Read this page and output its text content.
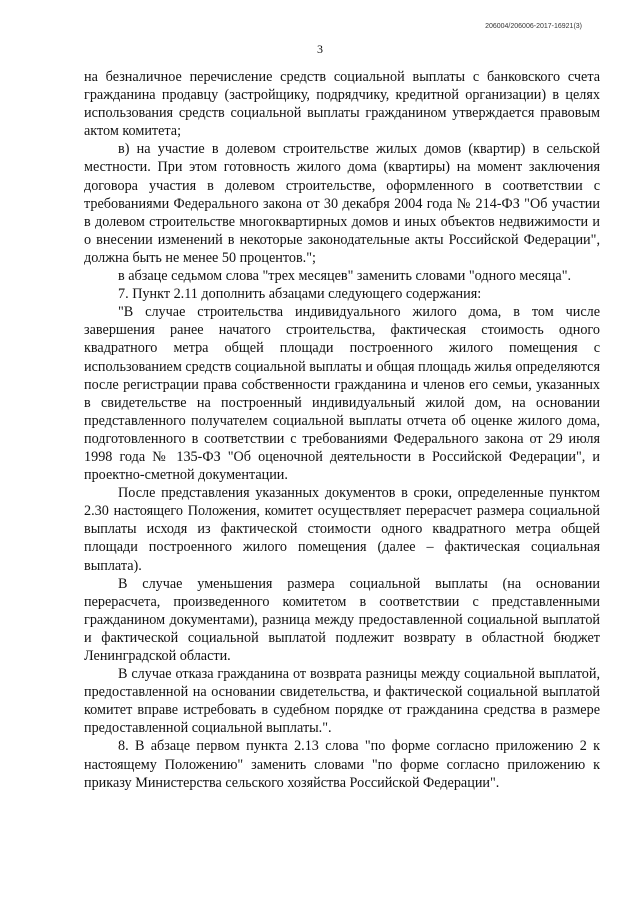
206004/206006-2017-16921(3)
3

на безналичное перечисление средств социальной выплаты с банковского счета гражданина продавцу (застройщику, подрядчику, кредитной организации) в целях использования средств социальной выплаты гражданином утверждается правовым актом комитета;

в) на участие в долевом строительстве жилых домов (квартир) в сельской местности. При этом готовность жилого дома (квартиры) на момент заключения договора участия в долевом строительстве, оформленного в соответствии с требованиями Федерального закона от 30 декабря 2004 года № 214-ФЗ "Об участии в долевом строительстве многоквартирных домов и иных объектов недвижимости и о внесении изменений в некоторые законодательные акты Российской Федерации", должна быть не менее 50 процентов.";

в абзаце седьмом слова "трех месяцев" заменить словами "одного месяца".

7. Пункт 2.11 дополнить абзацами следующего содержания:

"В случае строительства индивидуального жилого дома, в том числе завершения ранее начатого строительства, фактическая стоимость одного квадратного метра общей площади построенного жилого помещения с использованием средств социальной выплаты и общая площадь жилья определяются после регистрации права собственности гражданина и членов его семьи, указанных в свидетельстве на построенный индивидуальный жилой дом, на основании представленного получателем социальной выплаты отчета об оценке жилого дома, подготовленного в соответствии с требованиями Федерального закона от 29 июля 1998 года № 135-ФЗ "Об оценочной деятельности в Российской Федерации", и проектно-сметной документации.

После представления указанных документов в сроки, определенные пунктом 2.30 настоящего Положения, комитет осуществляет перерасчет размера социальной выплаты исходя из фактической стоимости одного квадратного метра общей площади построенного жилого помещения (далее – фактическая социальная выплата).

В случае уменьшения размера социальной выплаты (на основании перерасчета, произведенного комитетом в соответствии с представленными гражданином документами), разница между предоставленной социальной выплатой и фактической социальной выплатой подлежит возврату в областной бюджет Ленинградской области.

В случае отказа гражданина от возврата разницы между социальной выплатой, предоставленной на основании свидетельства, и фактической социальной выплатой комитет вправе истребовать в судебном порядке от гражданина средства в размере предоставленной социальной выплаты.".

8. В абзаце первом пункта 2.13 слова "по форме согласно приложению 2 к настоящему Положению" заменить словами "по форме согласно приложению к приказу Министерства сельского хозяйства Российской Федерации".
